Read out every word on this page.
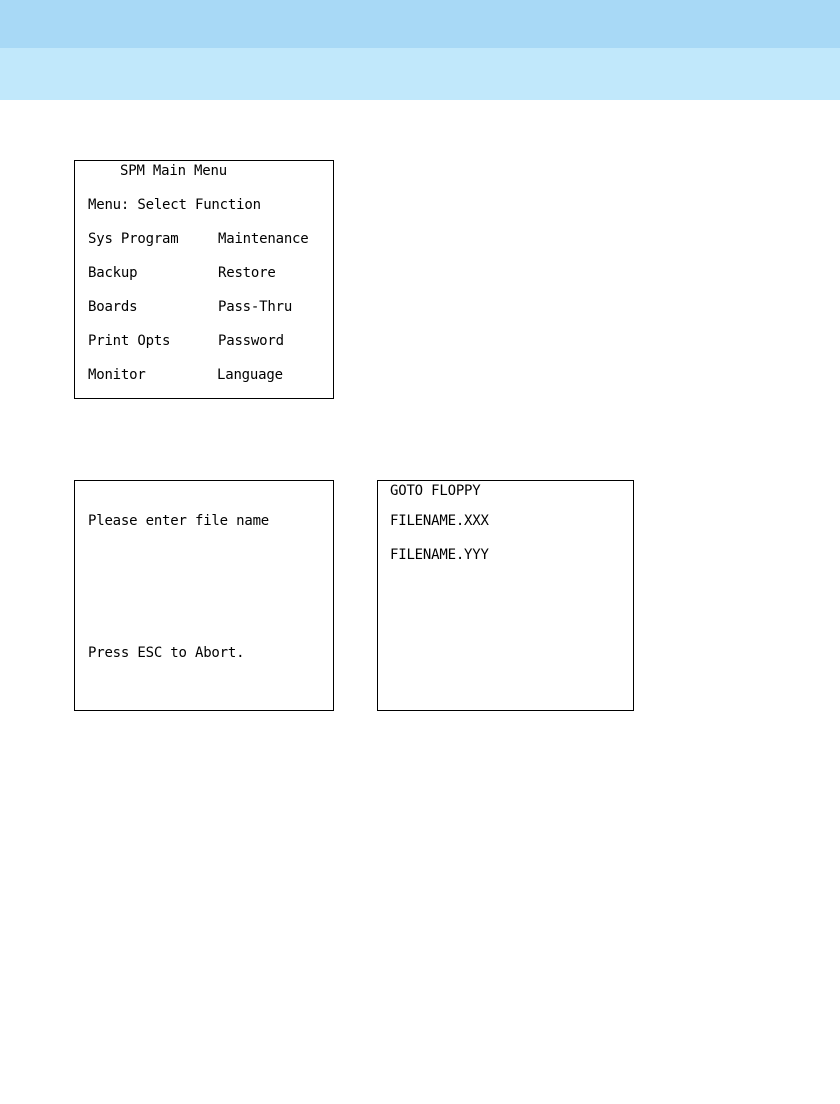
SPM Main Menu
Menu: Select Function
Sys Program	Maintenance
Backup	Restore
Boards	Pass-Thru
Print Opts	Password
Monitor	Language
Please enter file name
Press ESC to Abort.
GOTO FLOPPY
FILENAME.XXX
FILENAME.YYY
